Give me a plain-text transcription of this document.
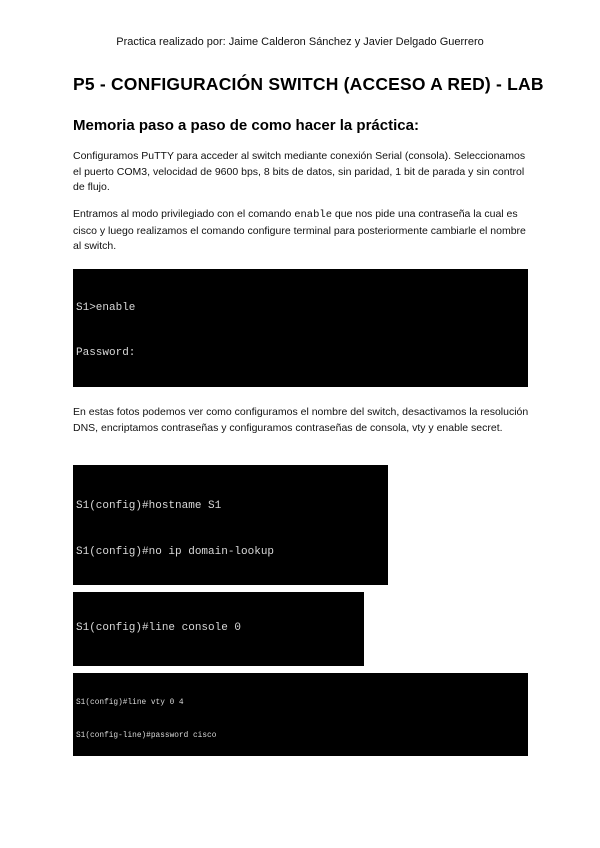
Practica realizado por: Jaime Calderon Sánchez y Javier Delgado Guerrero
P5 - CONFIGURACIÓN SWITCH (ACCESO A RED) - LAB
Memoria paso a paso de como hacer la práctica:

Configuramos PuTTY para acceder al switch mediante conexión Serial (consola). Seleccionamos el puerto COM3, velocidad de 9600 bps, 8 bits de datos, sin paridad, 1 bit de parada y sin control de flujo.

Entramos al modo privilegiado con el comando enable que nos pide una contraseña la cual es cisco y luego realizamos el comando configure terminal para posteriormente cambiarle el nombre al switch.

S1>enable

Password:

En estas fotos podemos ver como configuramos el nombre del switch, desactivamos la resolución DNS, encriptamos contraseñas y configuramos contraseñas de consola, vty y enable secret.

S1(config)#hostname S1

S1(config)#no ip domain-lookup

S1(config)#line console 0

S1(config)#line vty 0 4

S1(config-line)#password cisco
